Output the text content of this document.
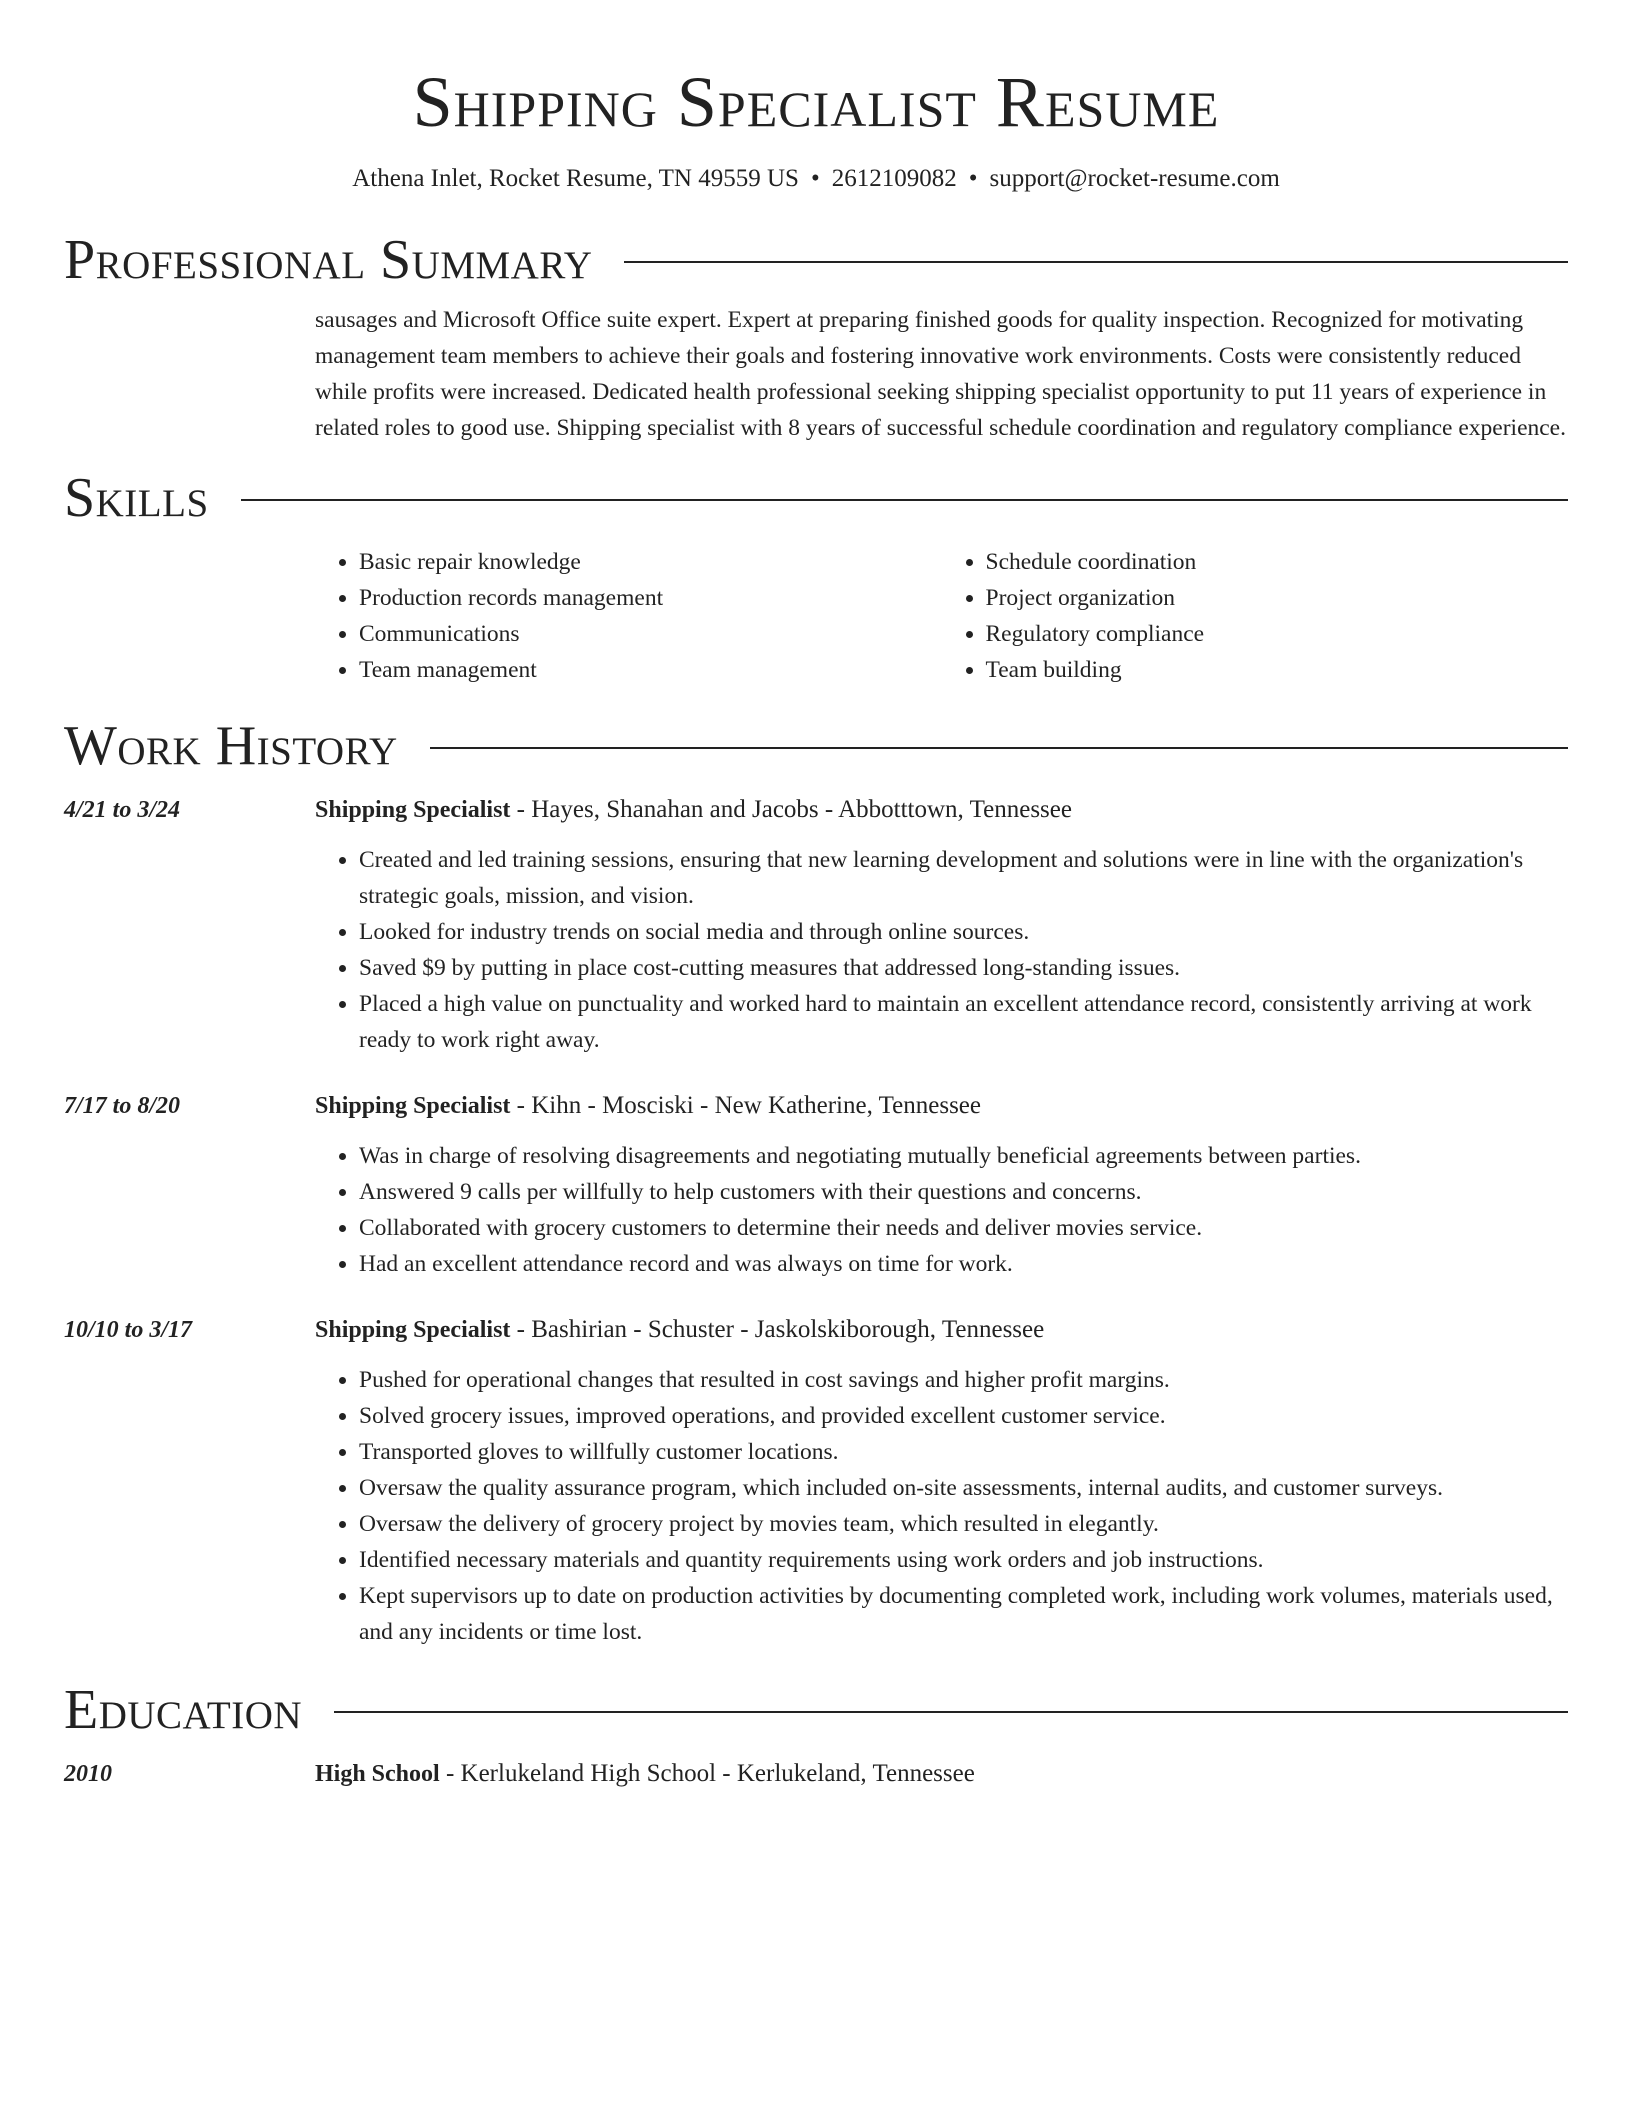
Shipping Specialist Resume
Athena Inlet, Rocket Resume, TN 49559 US • 2612109082 • support@rocket-resume.com
Professional Summary

sausages and Microsoft Office suite expert. Expert at preparing finished goods for quality inspection. Recognized for motivating management team members to achieve their goals and fostering innovative work environments. Costs were consistently reduced while profits were increased. Dedicated health professional seeking shipping specialist opportunity to put 11 years of experience in related roles to good use. Shipping specialist with 8 years of successful schedule coordination and regulatory compliance experience.

Skills
• Basic repair knowledge
• Production records management
• Communications
• Team management
• Schedule coordination
• Project organization
• Regulatory compliance
• Team building
Work History
4/21 to 3/24	Shipping Specialist - Hayes, Shanahan and Jacobs - Abbotttown, Tennessee
• Created and led training sessions, ensuring that new learning development and solutions were in line with the organization's strategic goals, mission, and vision.
• Looked for industry trends on social media and through online sources.
• Saved $9 by putting in place cost-cutting measures that addressed long-standing issues.
• Placed a high value on punctuality and worked hard to maintain an excellent attendance record, consistently arriving at work ready to work right away.
7/17 to 8/20	Shipping Specialist - Kihn - Mosciski - New Katherine, Tennessee
• Was in charge of resolving disagreements and negotiating mutually beneficial agreements between parties.
• Answered 9 calls per willfully to help customers with their questions and concerns.
• Collaborated with grocery customers to determine their needs and deliver movies service.
• Had an excellent attendance record and was always on time for work.
10/10 to 3/17	Shipping Specialist - Bashirian - Schuster - Jaskolskiborough, Tennessee
• Pushed for operational changes that resulted in cost savings and higher profit margins.
• Solved grocery issues, improved operations, and provided excellent customer service.
• Transported gloves to willfully customer locations.
• Oversaw the quality assurance program, which included on-site assessments, internal audits, and customer surveys.
• Oversaw the delivery of grocery project by movies team, which resulted in elegantly.
• Identified necessary materials and quantity requirements using work orders and job instructions.
• Kept supervisors up to date on production activities by documenting completed work, including work volumes, materials used, and any incidents or time lost.
Education
2010	High School - Kerlukeland High School - Kerlukeland, Tennessee
